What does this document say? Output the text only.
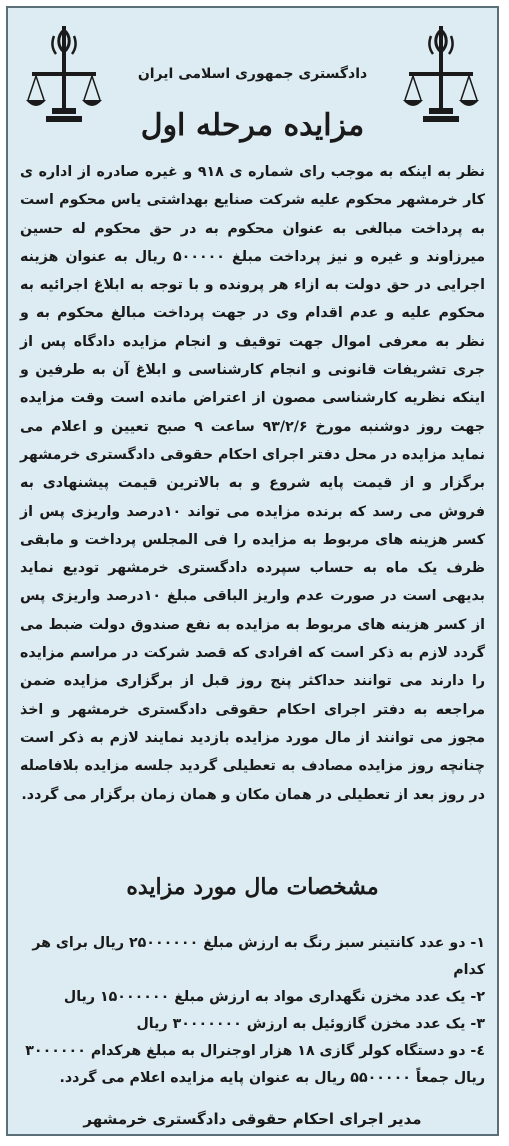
دادگستری جمهوری اسلامی ایران
مزایده مرحله اول
نظر به اینکه به موجب رای شماره ی ۹۱۸ و غیره صادره از اداره ی کار خرمشهر محکوم علیه شرکت صنایع بهداشتی یاس محکوم است به پرداخت مبالغی به عنوان محکوم به در حق محکوم له حسین میرزاوند و غیره و نیز پرداخت مبلغ ۵۰۰۰۰۰ ریال به عنوان هزینه اجرایی در حق دولت به ازاء هر پرونده و با توجه به ابلاغ اجرائیه به محکوم علیه و عدم اقدام وی در جهت پرداخت مبالغ محکوم به و نظر به معرفی اموال جهت توقیف و انجام مزایده دادگاه پس از جری تشریفات قانونی و انجام کارشناسی و ابلاغ آن به طرفین و اینکه نظریه کارشناسی مصون از اعتراض مانده است وقت مزایده جهت روز دوشنبه مورخ ۹۳/۲/۶ ساعت ۹ صبح تعیین و اعلام می نماید مزایده در محل دفتر اجرای احکام حقوقی دادگستری خرمشهر برگزار و از قیمت پایه شروع و به بالاترین قیمت پیشنهادی به فروش می رسد که برنده مزایده می تواند ۱۰درصد واریزی پس از کسر هزینه های مربوط به مزایده را فی المجلس پرداخت و مابقی ظرف یک ماه به حساب سپرده دادگستری خرمشهر تودیع نماید بدیهی است در صورت عدم واریز الباقی مبلغ ۱۰درصد واریزی پس از کسر هزینه های مربوط به مزایده به نفع صندوق دولت ضبط می گردد لازم به ذکر است که افرادی که قصد شرکت در مراسم مزایده را دارند می توانند حداکثر پنج روز قبل از برگزاری مزایده ضمن مراجعه به دفتر اجرای احکام حقوقی دادگستری خرمشهر و اخذ مجوز می توانند از مال مورد مزایده بازدید نمایند لازم به ذکر است چنانچه روز مزایده مصادف به تعطیلی گردید جلسه مزایده بلافاصله در روز بعد از تعطیلی در همان مکان و همان زمان برگزار می گردد.
مشخصات مال مورد مزایده
۱- دو عدد کانتینر سبز رنگ به ارزش مبلغ ۲۵۰۰۰۰۰۰ ریال برای هر کدام
۲- یک عدد مخزن نگهداری مواد به ارزش مبلغ ۱۵۰۰۰۰۰۰ ریال
۳- یک عدد مخزن گازوئیل به ارزش ۳۰۰۰۰۰۰۰ ریال
٤- دو دستگاه کولر گازی ۱۸ هزار اوجنرال به مبلغ هرکدام ۳۰۰۰۰۰۰ ریال جمعاً ۵۵۰۰۰۰۰ ریال به عنوان پایه مزایده اعلام می گردد.
مدیر اجرای احکام حقوقی دادگستری خرمشهر
